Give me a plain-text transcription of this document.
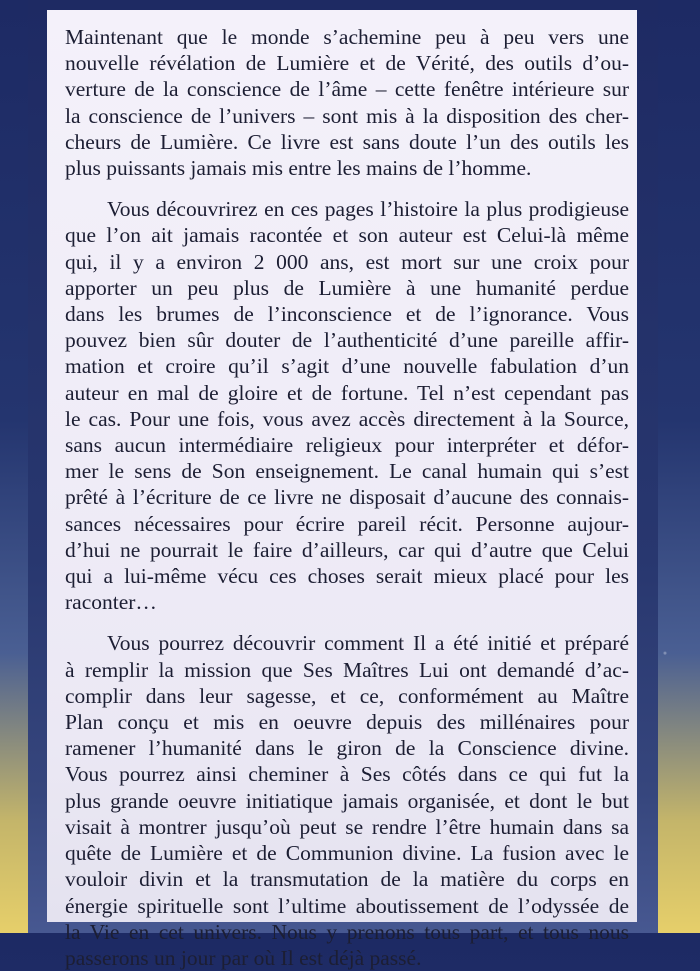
Maintenant que le monde s’achemine peu à peu vers une
nouvelle révélation de Lumière et de Vérité, des outils d’ou-
verture de la conscience de l’âme – cette fenêtre intérieure sur
la conscience de l’univers – sont mis à la disposition des cher-
cheurs de Lumière. Ce livre est sans doute l’un des outils les
plus puissants jamais mis entre les mains de l’homme.

Vous découvrirez en ces pages l’histoire la plus prodigieuse
que l’on ait jamais racontée et son auteur est Celui-là même
qui, il y a environ 2 000 ans, est mort sur une croix pour
apporter un peu plus de Lumière à une humanité perdue
dans les brumes de l’inconscience et de l’ignorance. Vous
pouvez bien sûr douter de l’authenticité d’une pareille affir-
mation et croire qu’il s’agit d’une nouvelle fabulation d’un
auteur en mal de gloire et de fortune. Tel n’est cependant pas
le cas. Pour une fois, vous avez accès directement à la Source,
sans aucun intermédiaire religieux pour interpréter et défor-
mer le sens de Son enseignement. Le canal humain qui s’est
prêté à l’écriture de ce livre ne disposait d’aucune des connais-
sances nécessaires pour écrire pareil récit. Personne aujour-
d’hui ne pourrait le faire d’ailleurs, car qui d’autre que Celui
qui a lui-même vécu ces choses serait mieux placé pour les
raconter…

Vous pourrez découvrir comment Il a été initié et préparé
à remplir la mission que Ses Maîtres Lui ont demandé d’ac-
complir dans leur sagesse, et ce, conformément au Maître
Plan conçu et mis en oeuvre depuis des millénaires pour
ramener l’humanité dans le giron de la Conscience divine.
Vous pourrez ainsi cheminer à Ses côtés dans ce qui fut la
plus grande oeuvre initiatique jamais organisée, et dont le but
visait à montrer jusqu’où peut se rendre l’être humain dans sa
quête de Lumière et de Communion divine. La fusion avec le
vouloir divin et la transmutation de la matière du corps en
énergie spirituelle sont l’ultime aboutissement de l’odyssée de
la Vie en cet univers. Nous y prenons tous part, et tous nous
passerons un jour par où Il est déjà passé.
